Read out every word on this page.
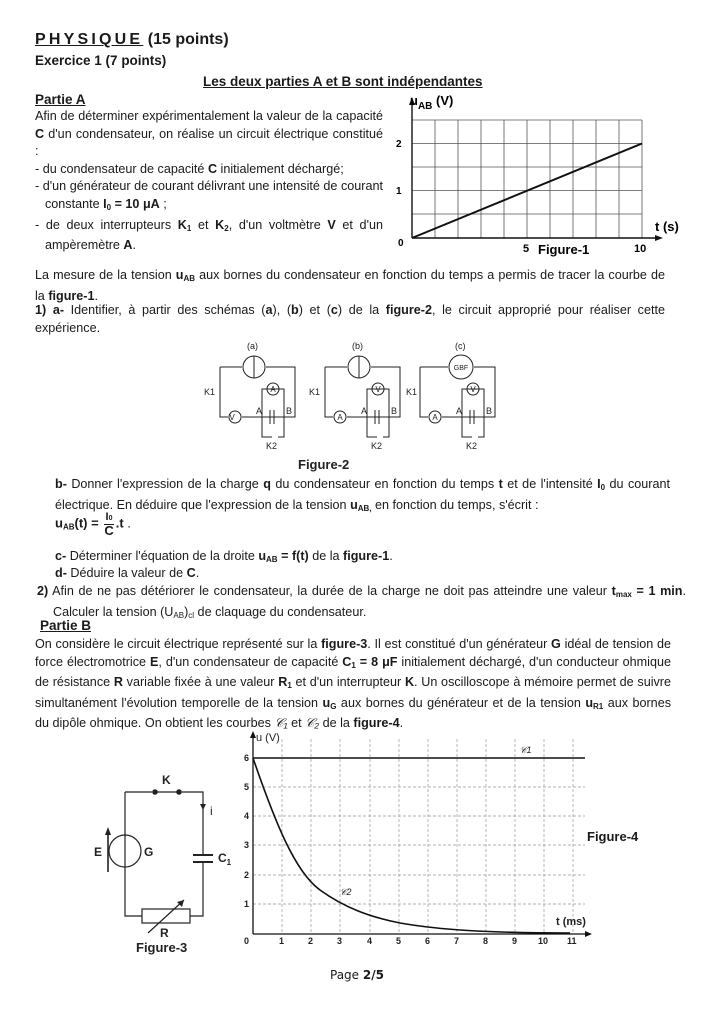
PHYSIQUE (15 points)
Exercice 1 (7 points)
Les deux parties A et B sont indépendantes
Partie A
Afin de déterminer expérimentalement la valeur de la capacité C d'un condensateur, on réalise un circuit électrique constitué :
- du condensateur de capacité C initialement déchargé;
- d'un générateur de courant délivrant une intensité de courant constante $I_0 = 10$ μA ;
- de deux interrupteurs $K_1$ et $K_2$, d'un voltmètre V et d'un ampèremètre A.
$u_{AB}$ (V)
2
1
0	5	10
t (s)
Figure-1
La mesure de la tension $u_{AB}$ aux bornes du condensateur en fonction du temps a permis de tracer la courbe de la figure-1.
1) a- Identifier, à partir des schémas (a), (b) et (c) de la figure-2, le circuit approprié pour réaliser cette expérience.
(a)	(b)	(c)
V
A
A
V
A
V
GBF
K1	K1	K1
K2	K2	K2
A	B	A	B	A	B
Figure-2
b- Donner l'expression de la charge q du condensateur en fonction du temps t et de l'intensité $I_0$ du courant électrique. En déduire que l'expression de la tension $u_{AB,}$ en fonction du temps, s'écrit :
$u_{AB}(t) = \frac{I0}{C} .t$ .
c- Déterminer l'équation de la droite $u_{AB} = f(t)$ de la figure-1.
d- Déduire la valeur de C.
2) Afin de ne pas détériorer le condensateur, la durée de la charge ne doit pas atteindre une valeur $t_{max} = 1$ min. Calculer la tension $(U_{AB})_{cl}$ de claquage du condensateur.
Partie B
On considère le circuit électrique représenté sur la figure-3. Il est constitué d'un générateur G idéal de tension de force électromotrice E, d'un condensateur de capacité $C_1 = 8$ μF initialement déchargé, d'un conducteur ohmique de résistance R variable fixée à une valeur $R_1$ et d'un interrupteur K. Un oscilloscope à mémoire permet de suivre simultanément l'évolution temporelle de la tension $u_G$ aux bornes du générateur et de la tension $u_{R1}$ aux bornes du dipôle ohmique. On obtient les courbes 𝒞₁ et 𝒞₂ de la figure-4.
K
i
E	G	$C_1$
R
Figure-3
u (V)
6
5
4
3
2
1
0	1	2	3	4	5	6	7	8	9 10 11
t (ms)
𝒞1
𝒞2
Figure-4
Page 2/5
